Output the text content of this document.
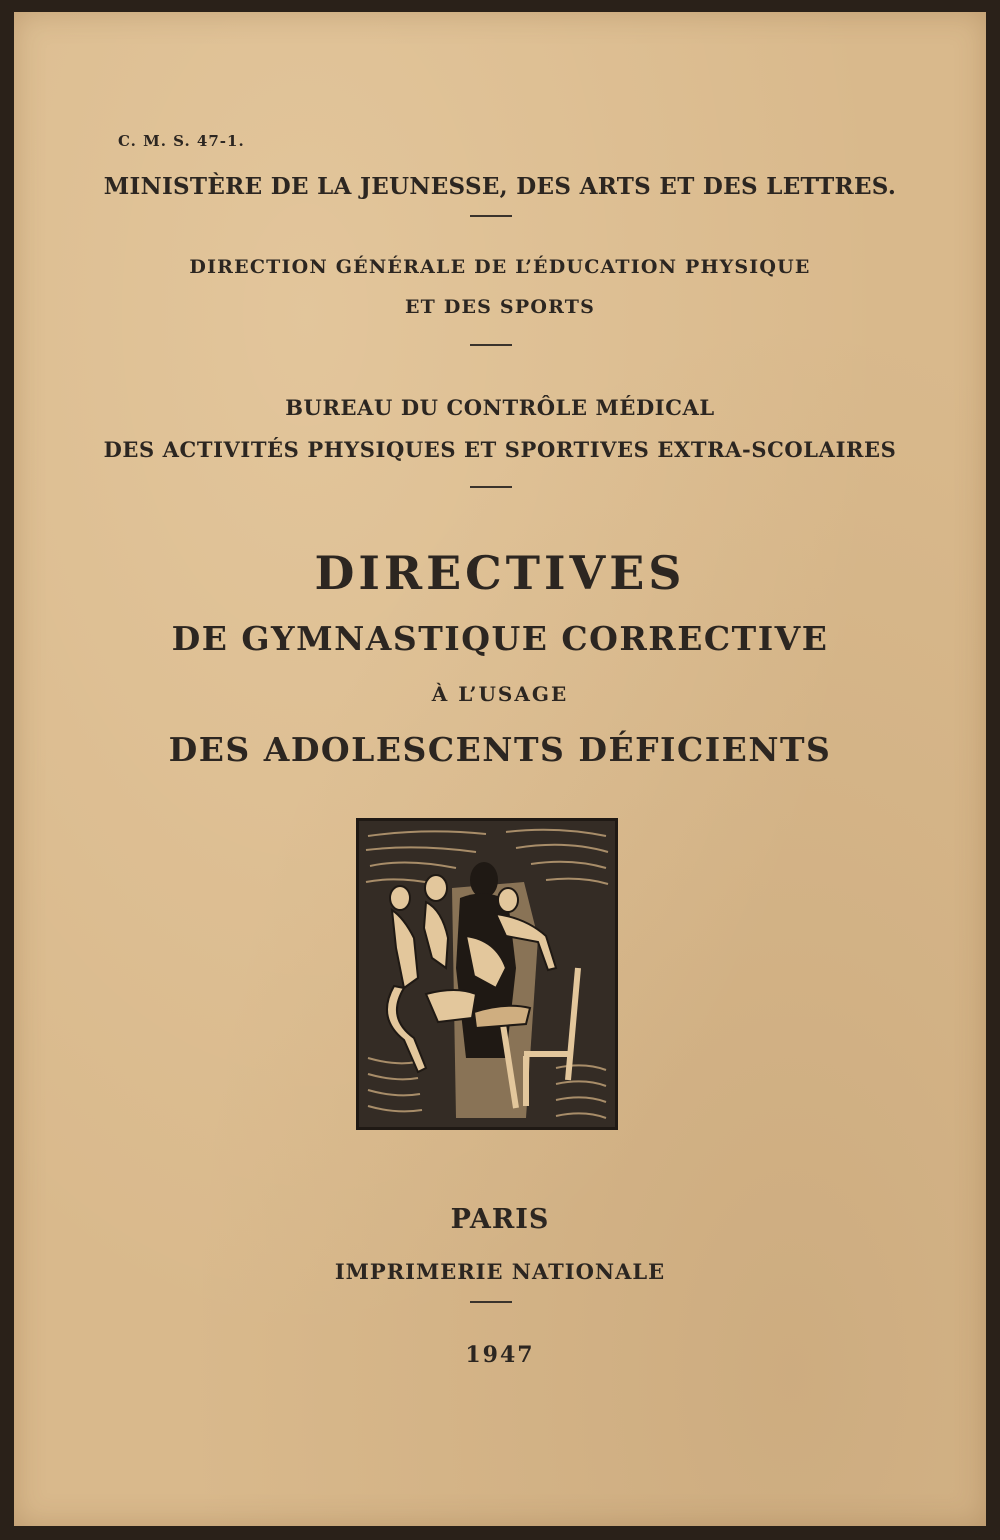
C. M. S. 47-1.
MINISTÈRE DE LA JEUNESSE, DES ARTS ET DES LETTRES.
DIRECTION GÉNÉRALE DE L’ÉDUCATION PHYSIQUE
ET DES SPORTS
BUREAU DU CONTRÔLE MÉDICAL
DES ACTIVITÉS PHYSIQUES ET SPORTIVES EXTRA-SCOLAIRES
DIRECTIVES
DE GYMNASTIQUE CORRECTIVE
À L’USAGE
DES ADOLESCENTS DÉFICIENTS
PARIS
IMPRIMERIE NATIONALE
1947
